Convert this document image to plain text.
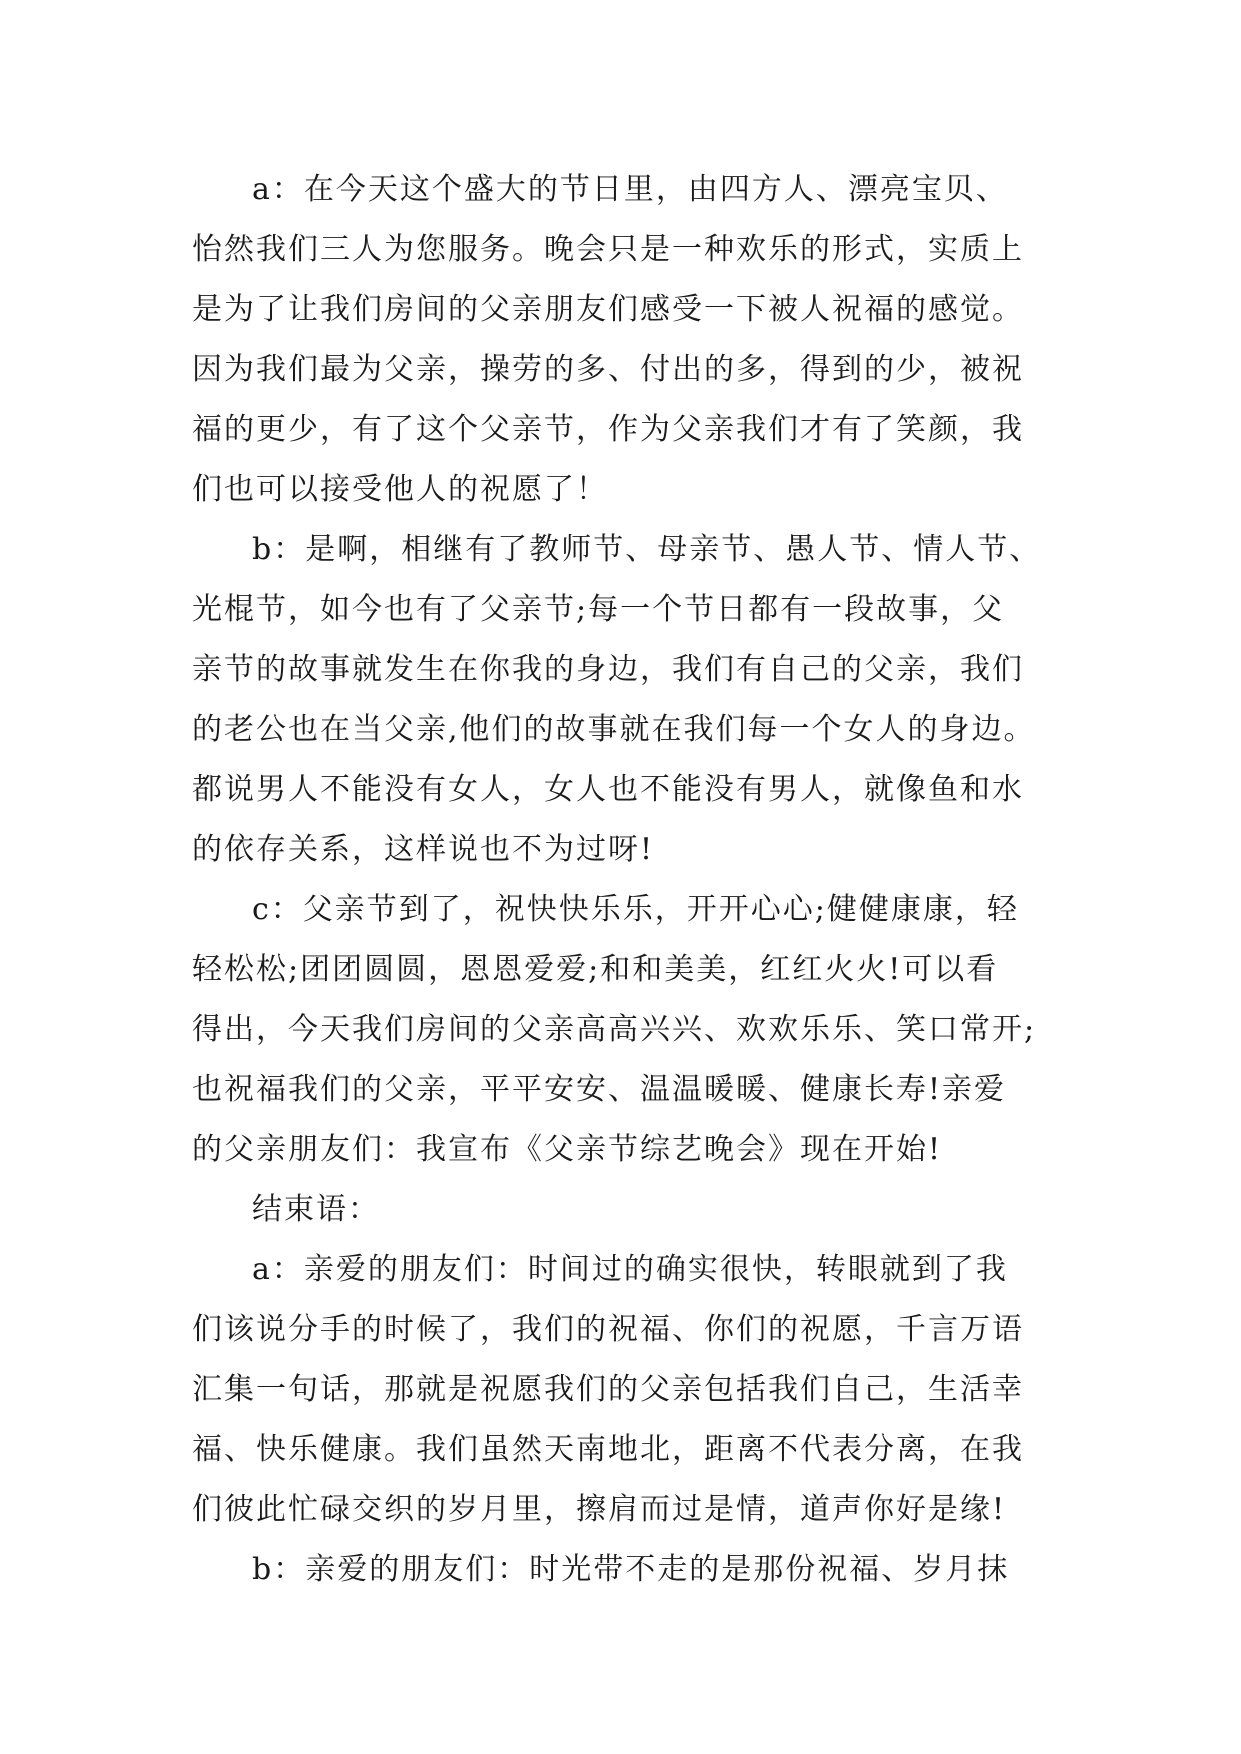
a：在今天这个盛大的节日里，由四方人、漂亮宝贝、
怡然我们三人为您服务。晚会只是一种欢乐的形式，实质上
是为了让我们房间的父亲朋友们感受一下被人祝福的感觉。
因为我们最为父亲，操劳的多、付出的多，得到的少，被祝
福的更少，有了这个父亲节，作为父亲我们才有了笑颜，我
们也可以接受他人的祝愿了！
b：是啊，相继有了教师节、母亲节、愚人节、情人节、
光棍节，如今也有了父亲节;每一个节日都有一段故事，父
亲节的故事就发生在你我的身边，我们有自己的父亲，我们
的老公也在当父亲,他们的故事就在我们每一个女人的身边。
都说男人不能没有女人，女人也不能没有男人，就像鱼和水
的依存关系，这样说也不为过呀!
c：父亲节到了，祝快快乐乐，开开心心;健健康康，轻
轻松松;团团圆圆，恩恩爱爱;和和美美，红红火火!可以看
得出，今天我们房间的父亲高高兴兴、欢欢乐乐、笑口常开;
也祝福我们的父亲，平平安安、温温暖暖、健康长寿!亲爱
的父亲朋友们：我宣布《父亲节综艺晚会》现在开始!
结束语：
a：亲爱的朋友们：时间过的确实很快，转眼就到了我
们该说分手的时候了，我们的祝福、你们的祝愿，千言万语
汇集一句话，那就是祝愿我们的父亲包括我们自己，生活幸
福、快乐健康。我们虽然天南地北，距离不代表分离，在我
们彼此忙碌交织的岁月里，擦肩而过是情，道声你好是缘!
b：亲爱的朋友们：时光带不走的是那份祝福、岁月抹
